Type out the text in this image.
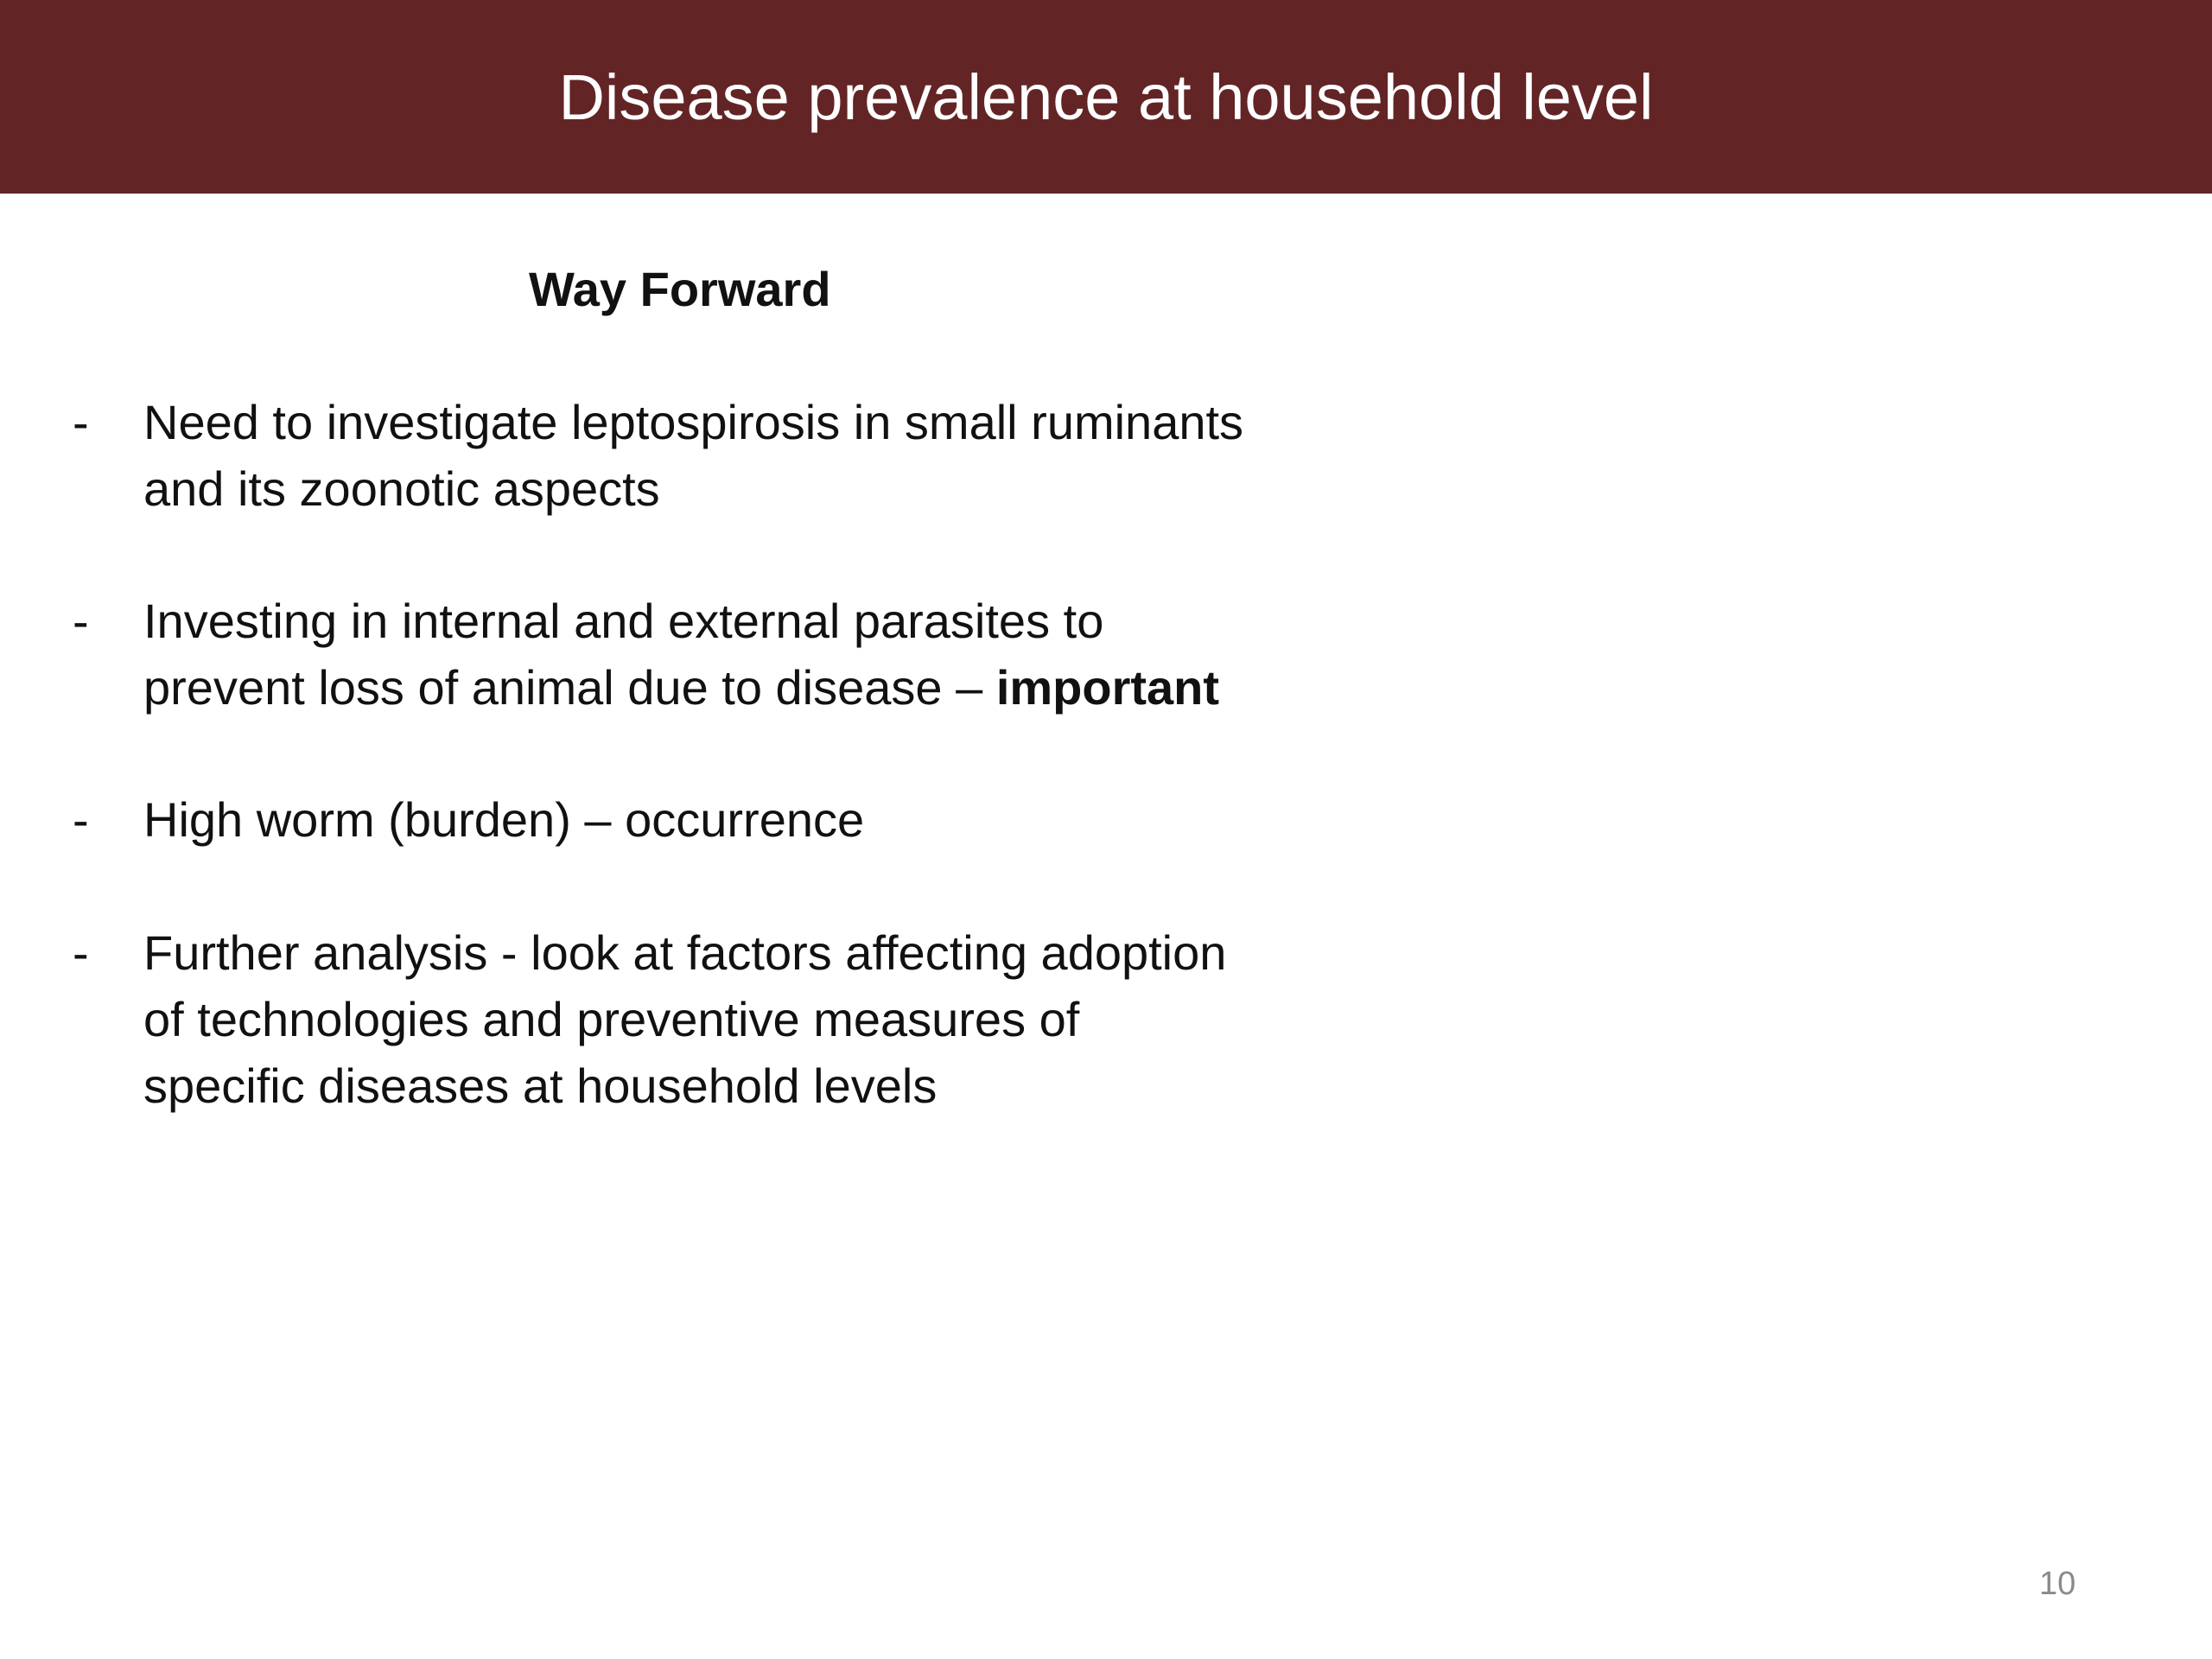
Disease prevalence at household level
Way Forward
- Need to investigate leptospirosis in small ruminants
and its zoonotic aspects
- Investing in internal and external parasites to
prevent loss of animal due to disease – important
- High worm (burden) – occurrence
- Further analysis - look at factors affecting adoption
of technologies and preventive measures of
specific diseases at household levels
10
